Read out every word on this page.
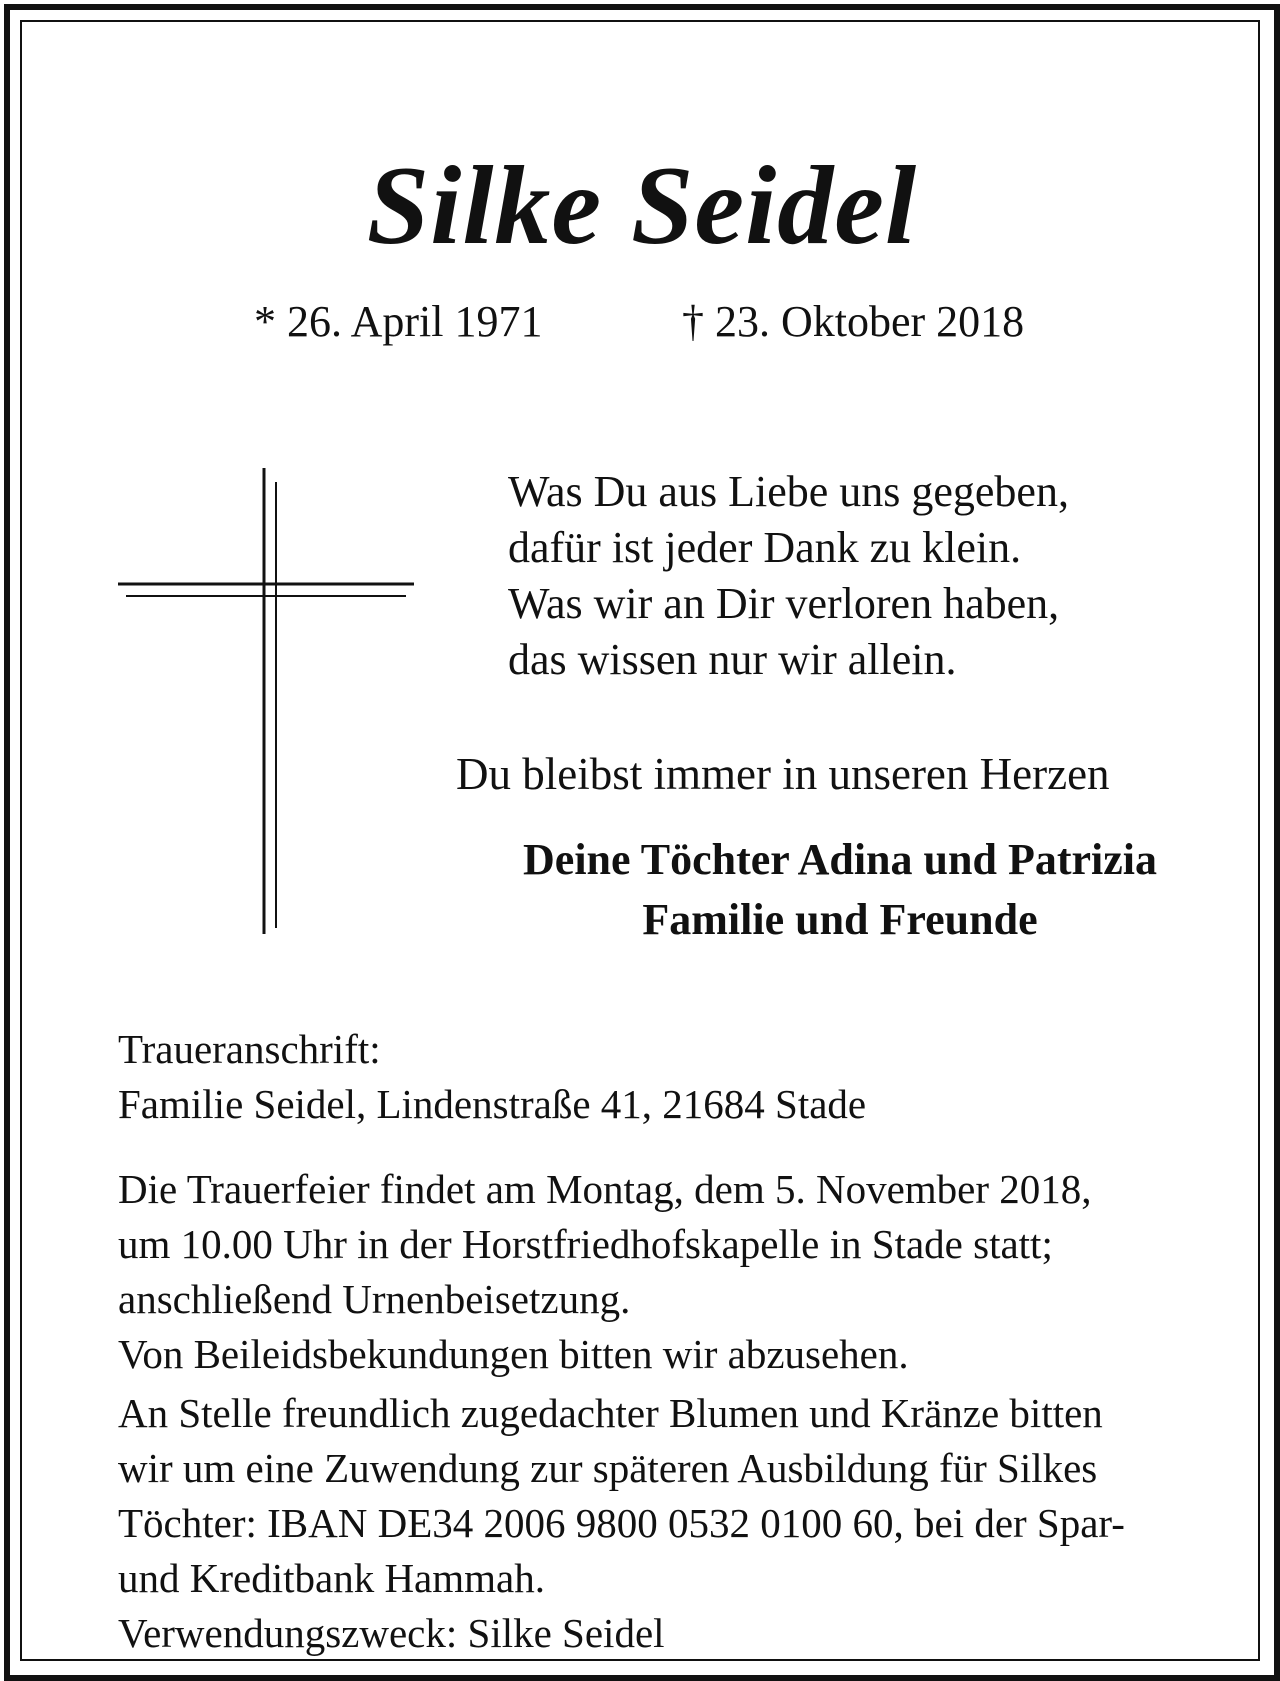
Silke Seidel
* 26. April 1971	† 23. Oktober 2018
Was Du aus Liebe uns gegeben,
dafür ist jeder Dank zu klein.
Was wir an Dir verloren haben,
das wissen nur wir allein.
Du bleibst immer in unseren Herzen
Deine Töchter Adina und Patrizia
Familie und Freunde
Traueranschrift:
Familie Seidel, Lindenstraße 41, 21684 Stade
Die Trauerfeier findet am Montag, dem 5. November 2018,
um 10.00 Uhr in der Horstfriedhofskapelle in Stade statt;
anschließend Urnenbeisetzung.
Von Beileidsbekundungen bitten wir abzusehen.
An Stelle freundlich zugedachter Blumen und Kränze bitten
wir um eine Zuwendung zur späteren Ausbildung für Silkes
Töchter: IBAN DE34 2006 9800 0532 0100 60, bei der Spar-
und Kreditbank Hammah.
Verwendungszweck: Silke Seidel
